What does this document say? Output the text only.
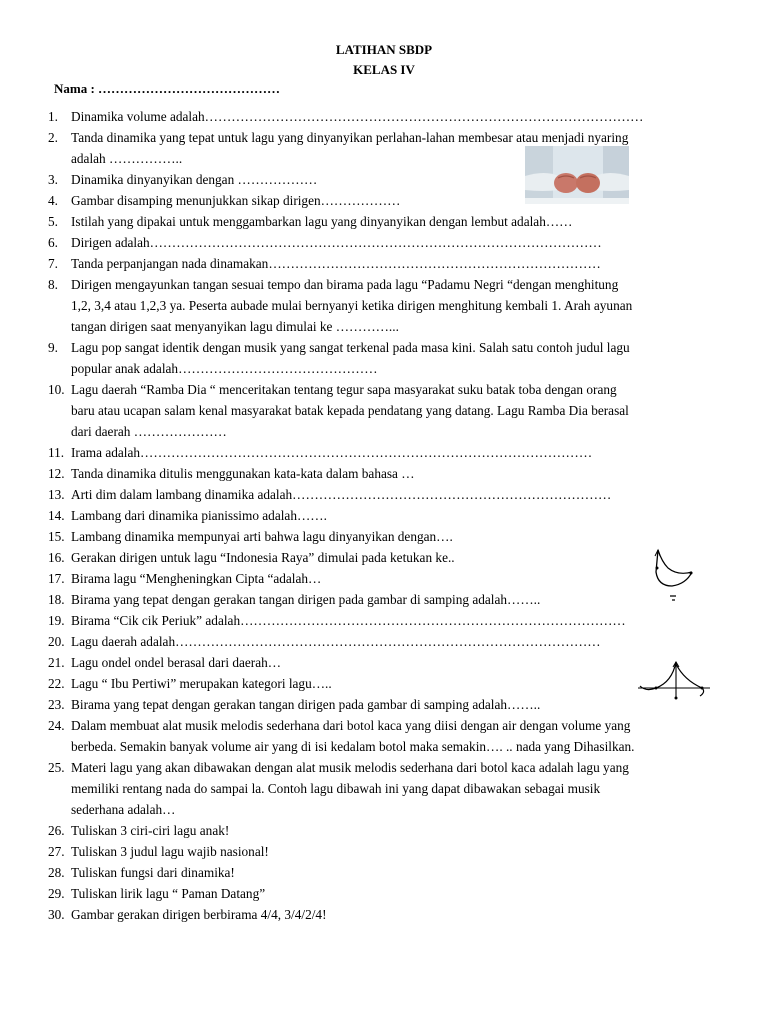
LATIHAN SBDP
KELAS IV
Nama : ……………………………………
1. Dinamika volume adalah………………………………………………………………………………………
2. Tanda dinamika yang tepat untuk lagu yang dinyanyikan perlahan-lahan membesar atau menjadi nyaring
adalah ……………..
3. Dinamika dinyanyikan dengan ………………
4. Gambar disamping menunjukkan sikap dirigen………………
5. Istilah yang dipakai untuk menggambarkan lagu yang dinyanyikan dengan lembut adalah……
6. Dirigen adalah…………………………………………………………………………………………
7. Tanda perpanjangan nada dinamakan…………………………………………………………………
8. Dirigen mengayunkan tangan sesuai tempo dan birama pada lagu “Padamu Negri “dengan menghitung
1,2, 3,4 atau 1,2,3 ya. Peserta aubade mulai bernyanyi ketika dirigen menghitung kembali 1. Arah ayunan
tangan dirigen saat menyanyikan lagu dimulai ke …………...
9. Lagu pop sangat identik dengan musik yang sangat terkenal pada masa kini. Salah satu contoh judul lagu
popular anak adalah………………………………………
10. Lagu daerah “Ramba Dia “ menceritakan tentang tegur sapa masyarakat suku batak toba dengan orang
baru atau ucapan salam kenal masyarakat batak kepada pendatang yang datang. Lagu Ramba Dia berasal
dari daerah …………………
11. Irama adalah…………………………………………………………………………………………
12. Tanda dinamika ditulis menggunakan kata-kata dalam bahasa …
13. Arti dim dalam lambang dinamika adalah………………………………………………………………
14. Lambang dari dinamika pianissimo adalah…….
15. Lambang dinamika mempunyai arti bahwa lagu dinyanyikan dengan….
16. Gerakan dirigen untuk lagu “Indonesia Raya” dimulai pada ketukan ke..
17. Birama lagu “Mengheningkan Cipta “adalah…
18. Birama yang tepat dengan gerakan tangan dirigen pada gambar di samping adalah……..
19. Birama “Cik cik Periuk” adalah……………………………………………………………………………
20. Lagu daerah adalah……………………………………………………………………………………
21. Lagu ondel ondel berasal dari daerah…
22. Lagu “ Ibu Pertiwi” merupakan kategori lagu…..
23. Birama yang tepat dengan gerakan tangan dirigen pada gambar di samping adalah……..
24. Dalam membuat alat musik melodis sederhana dari botol kaca yang diisi dengan air dengan volume yang
berbeda. Semakin banyak volume air yang di isi kedalam botol maka semakin…. .. nada yang Dihasilkan.
25. Materi lagu yang akan dibawakan dengan alat musik melodis sederhana dari botol kaca adalah lagu yang
memiliki rentang nada do sampai la. Contoh lagu dibawah ini yang dapat dibawakan sebagai musik
sederhana adalah…
26. Tuliskan 3 ciri-ciri lagu anak!
27. Tuliskan 3 judul lagu wajib nasional!
28. Tuliskan fungsi dari dinamika!
29. Tuliskan lirik lagu “ Paman Datang”
30. Gambar gerakan dirigen berbirama 4/4, 3/4/2/4!
